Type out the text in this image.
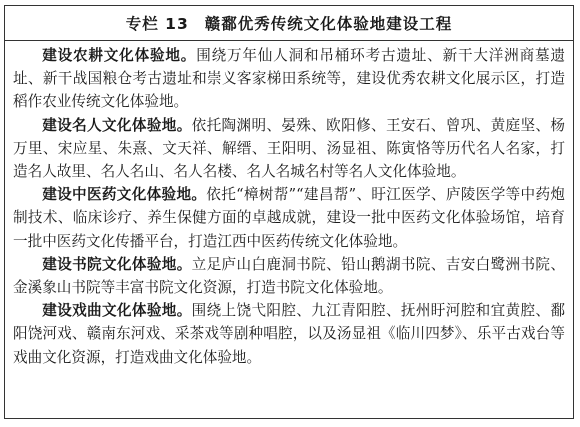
专栏 13	赣鄱优秀传统文化体验地建设工程

建设农耕文化体验地。围绕万年仙人洞和吊桶环考古遗址、新干大洋洲商墓遗址、新干战国粮仓考古遗址和崇义客家梯田系统等，建设优秀农耕文化展示区，打造稻作农业传统文化体验地。

建设名人文化体验地。依托陶渊明、晏殊、欧阳修、王安石、曾巩、黄庭坚、杨万里、宋应星、朱熹、文天祥、解缙、王阳明、汤显祖、陈寅恪等历代名人名家，打造名人故里、名人名山、名人名楼、名人名城名村等名人文化体验地。

建设中医药文化体验地。依托“樟树帮”“建昌帮”、盱江医学、庐陵医学等中药炮制技术、临床诊疗、养生保健方面的卓越成就，建设一批中医药文化体验场馆，培育一批中医药文化传播平台，打造江西中医药传统文化体验地。

建设书院文化体验地。立足庐山白鹿洞书院、铅山鹅湖书院、吉安白鹭洲书院、金溪象山书院等丰富书院文化资源，打造书院文化体验地。

建设戏曲文化体验地。围绕上饶弋阳腔、九江青阳腔、抚州盱河腔和宜黄腔、鄱阳饶河戏、赣南东河戏、采茶戏等剧种唱腔，以及汤显祖《临川四梦》、乐平古戏台等戏曲文化资源，打造戏曲文化体验地。
